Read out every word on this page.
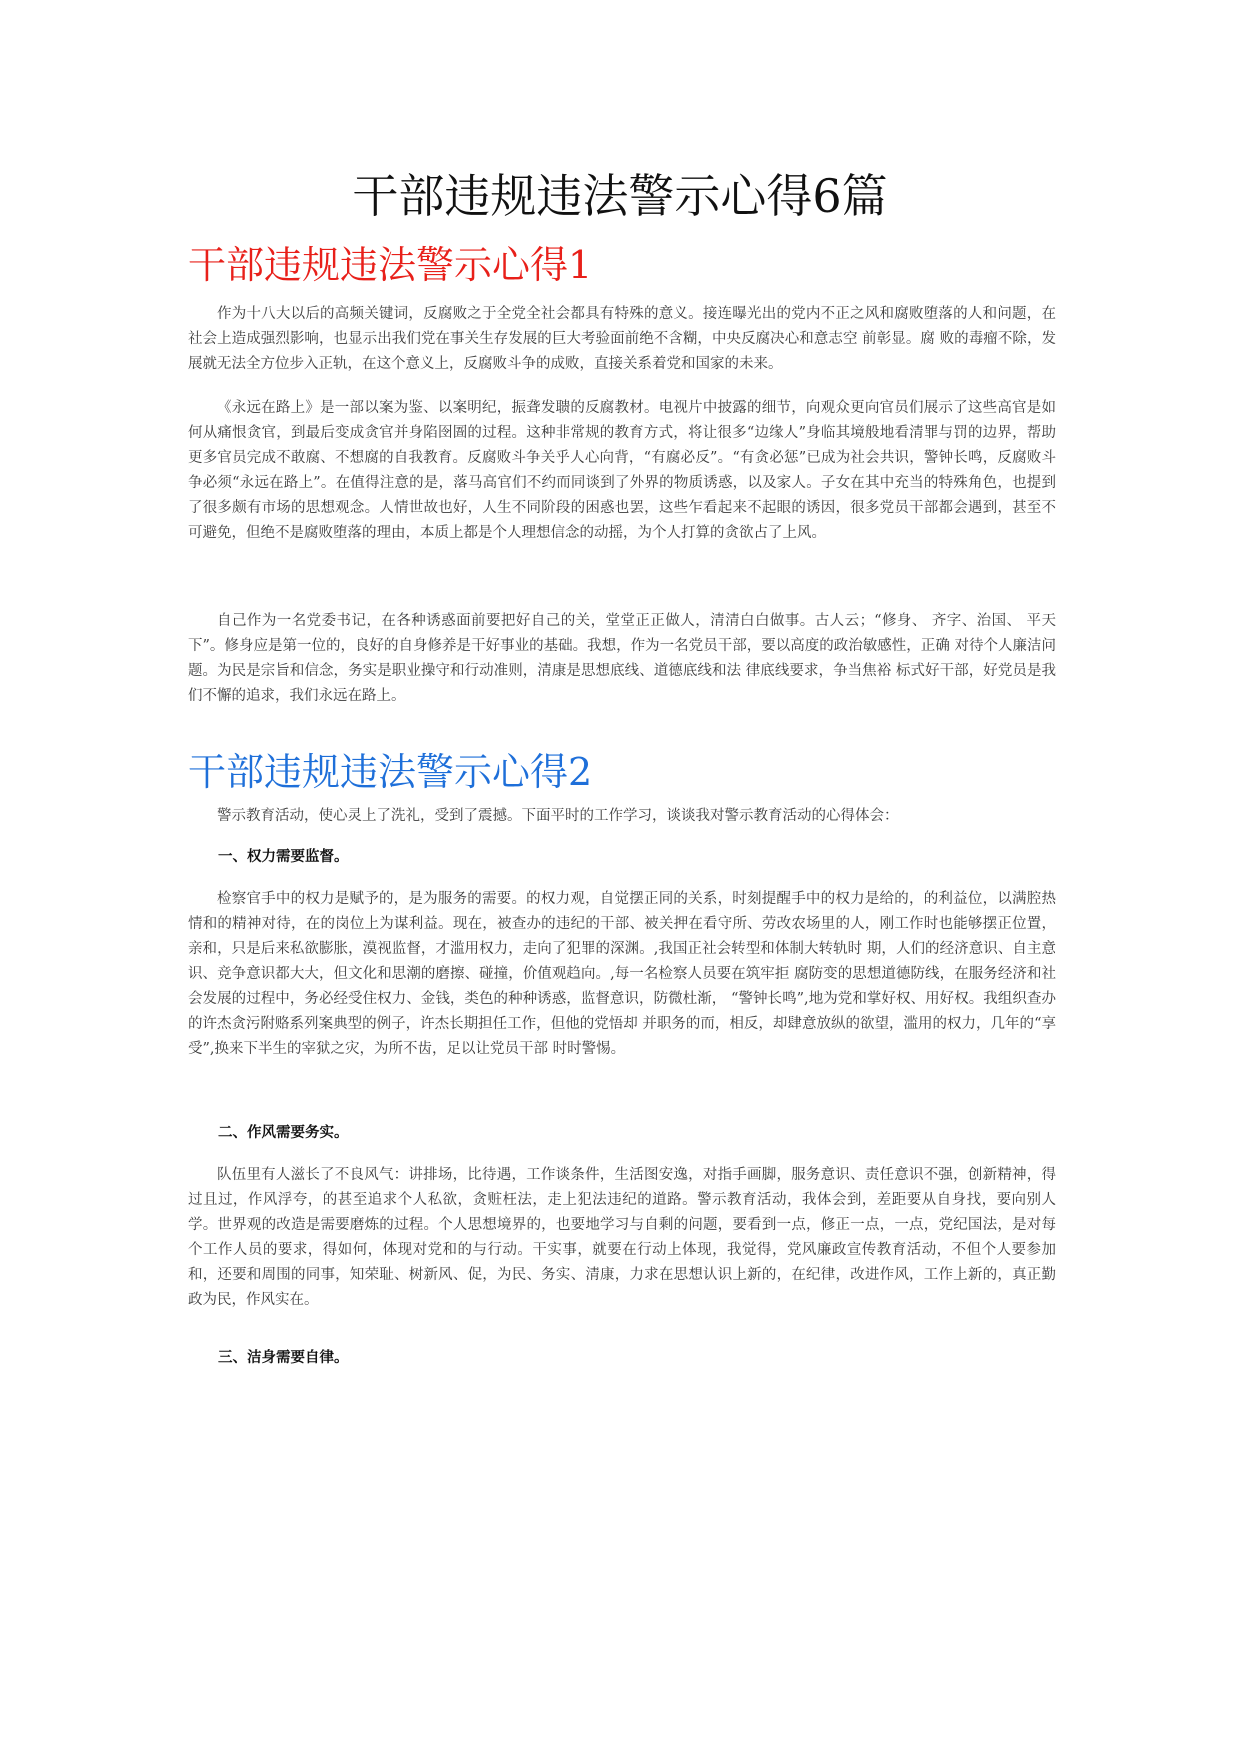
干部违规违法警示心得6篇
干部违规违法警示心得1

作为十八大以后的高频关键词，反腐败之于全党全社会都具有特殊的意义。接连曝光出的党内不正之风和腐败堕落的人和问题，在社会上造成强烈影响，也显示出我们党在事关生存发展的巨大考验面前绝不含糊，中央反腐决心和意志空 前彰显。腐 败的毒瘤不除，发展就无法全方位步入正轨，在这个意义上，反腐败斗争的成败，直接关系着党和国家的未来。

《永远在路上》是一部以案为鉴、以案明纪，振聋发聩的反腐教材。电视片中披露的细节，向观众更向官员们展示了这些高官是如何从痛恨贪官，到最后变成贪官并身陷囹圄的过程。这种非常规的教育方式，将让很多“边缘人”身临其境般地看清罪与罚的边界，帮助更多官员完成不敢腐、不想腐的自我教育。反腐败斗争关乎人心向背，“有腐必反”。“有贪必惩”已成为社会共识，警钟长鸣，反腐败斗争必须“永远在路上”。在值得注意的是，落马高官们不约而同谈到了外界的物质诱惑，以及家人。子女在其中充当的特殊角色，也提到了很多颇有市场的思想观念。人情世故也好，人生不同阶段的困惑也罢，这些乍看起来不起眼的诱因，很多党员干部都会遇到，甚至不可避免，但绝不是腐败堕落的理由，本质上都是个人理想信念的动摇，为个人打算的贪欲占了上风。

自己作为一名党委书记，在各种诱惑面前要把好自己的关，堂堂正正做人，清清白白做事。古人云；“修身、 齐字、治国、 平天下”。修身应是第一位的，良好的自身修养是干好事业的基础。我想，作为一名党员干部，要以高度的政治敏感性，正确 对待个人廉洁问题。为民是宗旨和信念，务实是职业操守和行动准则，清康是思想底线、道德底线和法 律底线要求，争当焦裕 标式好干部，好党员是我们不懈的追求，我们永远在路上。

干部违规违法警示心得2

警示教育活动，使心灵上了洗礼，受到了震撼。下面平时的工作学习，谈谈我对警示教育活动的心得体会：

一、权力需要监督。

检察官手中的权力是赋予的，是为服务的需要。的权力观，自觉摆正同的关系，时刻提醒手中的权力是给的，的利益位，以满腔热情和的精神对待，在的岗位上为谋利益。现在，被查办的违纪的干部、被关押在看守所、劳改农场里的人，刚工作时也能够摆正位置，亲和，只是后来私欲膨胀，漠视监督，才滥用权力，走向了犯罪的深渊。,我国正社会转型和体制大转轨时 期，人们的经济意识、自主意识、竞争意识都大大，但文化和思潮的磨擦、碰撞，价值观趋向。,每一名检察人员要在筑牢拒 腐防变的思想道德防线，在服务经济和社会发展的过程中，务必经受住权力、金钱，类色的种种诱惑，监督意识，防微杜渐， “警钟长鸣”,地为党和掌好权、用好权。我组织查办的许杰贪污附赂系列案典型的例子，许杰长期担任工作，但他的党悟却 并职务的而，相反，却肆意放纵的欲望，滥用的权力，几年的“享受”,换来下半生的宰狱之灾，为所不齿，足以让党员干部 时时警惕。

二、作风需要务实。

队伍里有人滋长了不良风气：讲排场，比待遇，工作谈条件，生活图安逸，对指手画脚，服务意识、责任意识不强，创新精神，得过且过，作风浮夸，的甚至追求个人私欲，贪赃枉法，走上犯法违纪的道路。警示教育活动，我体会到，差距要从自身找，要向别人学。世界观的改造是需要磨炼的过程。个人思想境界的，也要地学习与自剩的问题，要看到一点，修正一点，一点，党纪国法，是对每个工作人员的要求，得如何，体现对党和的与行动。干实事，就要在行动上体现，我觉得，党风廉政宣传教育活动，不但个人要参加和，还要和周围的同事，知荣耻、树新风、促，为民、务实、清康，力求在思想认识上新的，在纪律，改进作风，工作上新的，真正勤政为民，作风实在。

三、洁身需要自律。
